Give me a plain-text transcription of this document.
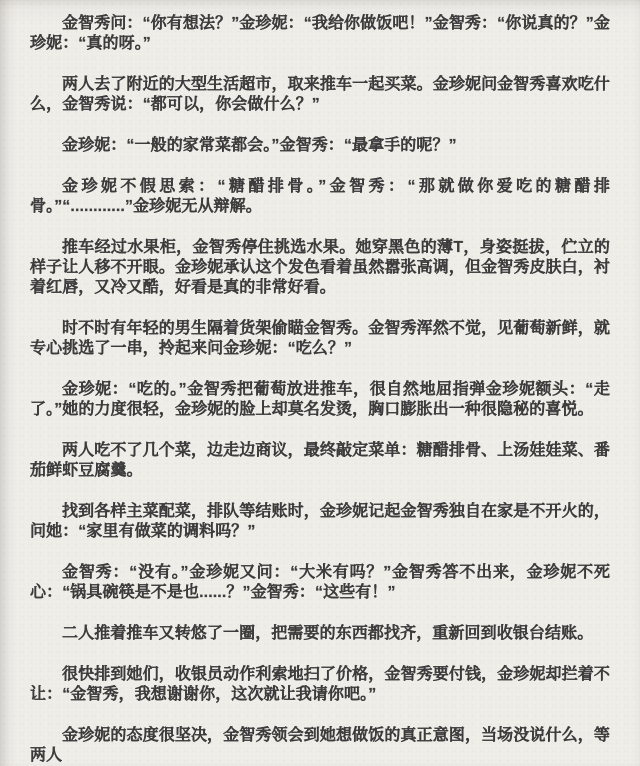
金智秀问：“你有想法？”金珍妮：“我给你做饭吧！”金智秀：“你说真的？”金珍妮：“真的呀。”

两人去了附近的大型生活超市，取来推车一起买菜。金珍妮问金智秀喜欢吃什么，金智秀说：“都可以，你会做什么？”

金珍妮：“一般的家常菜都会。”金智秀：“最拿手的呢？”

金珍妮不假思索：“糖醋排骨。”金智秀：“那就做你爱吃的糖醋排骨。”“............”金珍妮无从辩解。

推车经过水果柜，金智秀停住挑选水果。她穿黑色的薄T，身姿挺拔，伫立的样子让人移不开眼。金珍妮承认这个发色看着虽然嚣张高调，但金智秀皮肤白，衬着红唇，又冷又酷，好看是真的非常好看。

时不时有年轻的男生隔着货架偷瞄金智秀。金智秀浑然不觉，见葡萄新鲜，就专心挑选了一串，拎起来问金珍妮：“吃么？”

金珍妮：“吃的。”金智秀把葡萄放进推车，很自然地屈指弹金珍妮额头：“走了。”她的力度很轻，金珍妮的脸上却莫名发烫，胸口膨胀出一种很隐秘的喜悦。

两人吃不了几个菜，边走边商议，最终敲定菜单：糖醋排骨、上汤娃娃菜、番茄鲜虾豆腐羹。

找到各样主菜配菜，排队等结账时，金珍妮记起金智秀独自在家是不开火的，问她：“家里有做菜的调料吗？”

金智秀：“没有。”金珍妮又问：“大米有吗？”金智秀答不出来，金珍妮不死心：“锅具碗筷是不是也......？”金智秀：“这些有！”

二人推着推车又转悠了一圈，把需要的东西都找齐，重新回到收银台结账。

很快排到她们，收银员动作利索地扫了价格，金智秀要付钱，金珍妮却拦着不让：“金智秀，我想谢谢你，这次就让我请你吧。”

金珍妮的态度很坚决，金智秀领会到她想做饭的真正意图，当场没说什么，等两人
